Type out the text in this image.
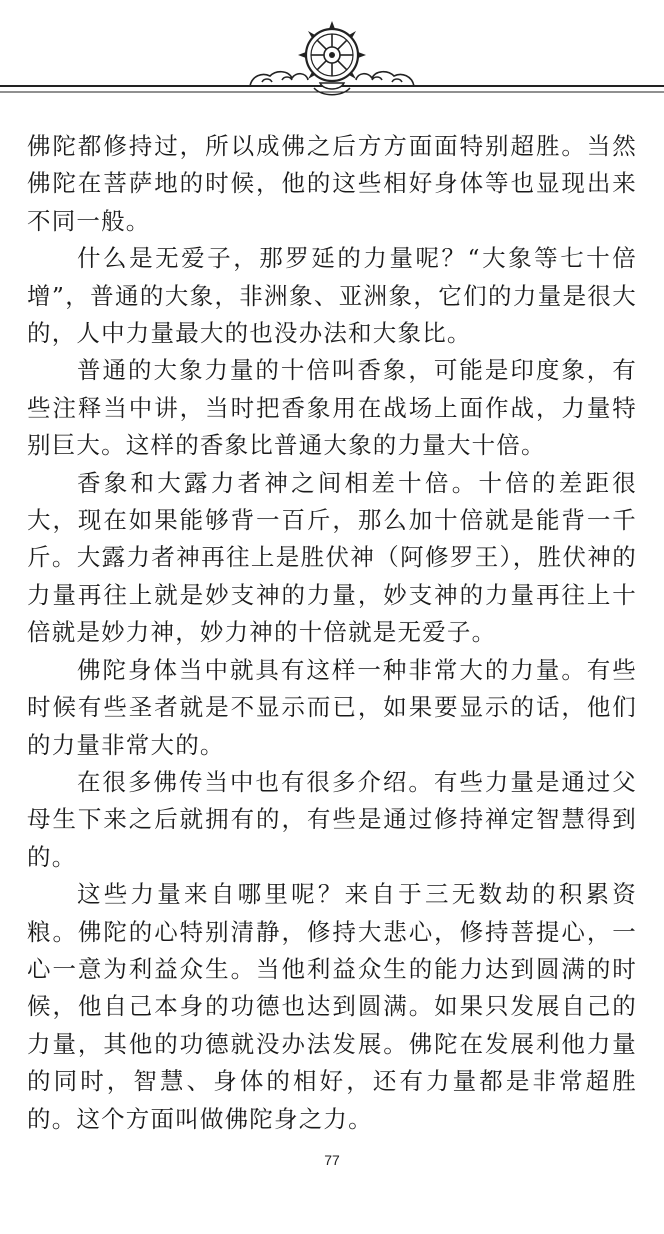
佛陀都修持过，所以成佛之后方方面面特别超胜。当然佛陀在菩萨地的时候，他的这些相好身体等也显现出来不同一般。

什么是无爱子，那罗延的力量呢？“大象等七十倍增”，普通的大象，非洲象、亚洲象，它们的力量是很大的，人中力量最大的也没办法和大象比。

普通的大象力量的十倍叫香象，可能是印度象，有些注释当中讲，当时把香象用在战场上面作战，力量特别巨大。这样的香象比普通大象的力量大十倍。

香象和大露力者神之间相差十倍。十倍的差距很大，现在如果能够背一百斤，那么加十倍就是能背一千斤。大露力者神再往上是胜伏神（阿修罗王），胜伏神的力量再往上就是妙支神的力量，妙支神的力量再往上十倍就是妙力神，妙力神的十倍就是无爱子。

佛陀身体当中就具有这样一种非常大的力量。有些时候有些圣者就是不显示而已，如果要显示的话，他们的力量非常大的。

在很多佛传当中也有很多介绍。有些力量是通过父母生下来之后就拥有的，有些是通过修持禅定智慧得到的。

这些力量来自哪里呢？来自于三无数劫的积累资粮。佛陀的心特别清静，修持大悲心，修持菩提心，一心一意为利益众生。当他利益众生的能力达到圆满的时候，他自己本身的功德也达到圆满。如果只发展自己的力量，其他的功德就没办法发展。佛陀在发展利他力量的同时，智慧、身体的相好，还有力量都是非常超胜的。这个方面叫做佛陀身之力。

77
